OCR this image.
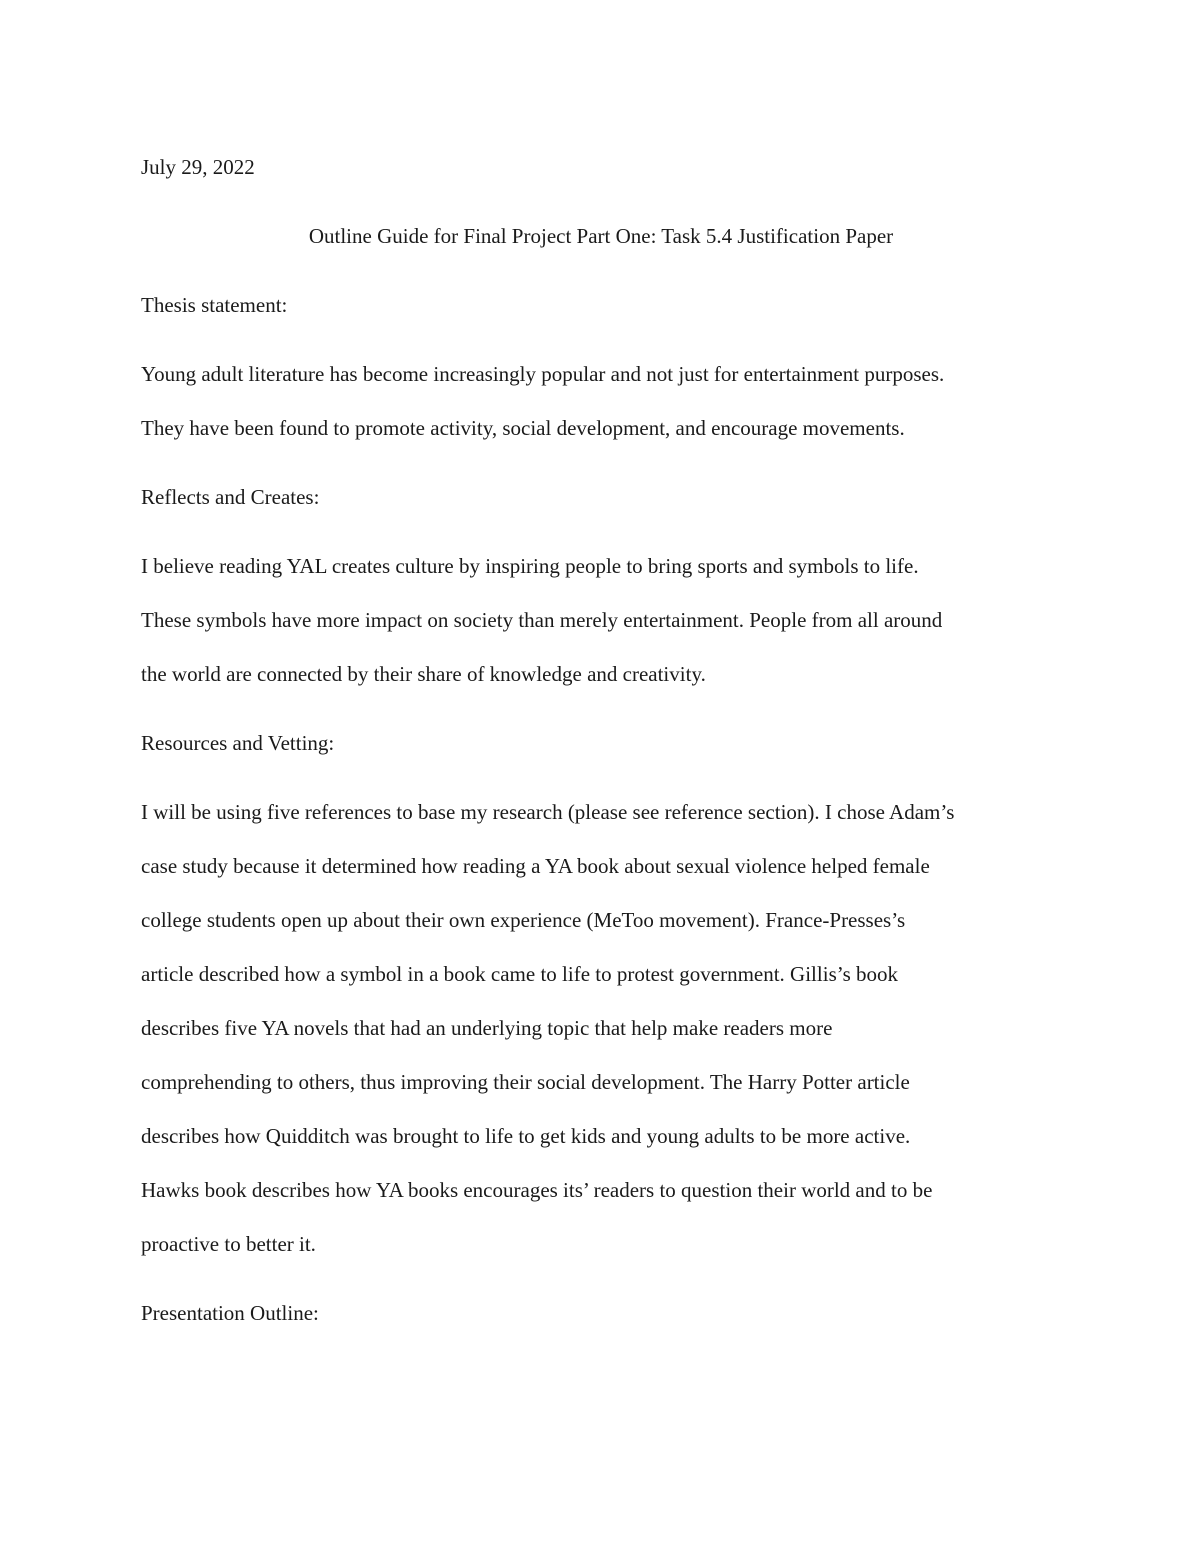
July 29, 2022

Outline Guide for Final Project Part One: Task 5.4 Justification Paper

Thesis statement:

Young adult literature has become increasingly popular and not just for entertainment purposes.
They have been found to promote activity, social development, and encourage movements.

Reflects and Creates:

I believe reading YAL creates culture by inspiring people to bring sports and symbols to life.
These symbols have more impact on society than merely entertainment. People from all around
the world are connected by their share of knowledge and creativity.

Resources and Vetting:

I will be using five references to base my research (please see reference section). I chose Adam’s
case study because it determined how reading a YA book about sexual violence helped female
college students open up about their own experience (MeToo movement). France-Presses’s
article described how a symbol in a book came to life to protest government. Gillis’s book
describes five YA novels that had an underlying topic that help make readers more
comprehending to others, thus improving their social development. The Harry Potter article
describes how Quidditch was brought to life to get kids and young adults to be more active.
Hawks book describes how YA books encourages its’ readers to question their world and to be
proactive to better it.

Presentation Outline:
